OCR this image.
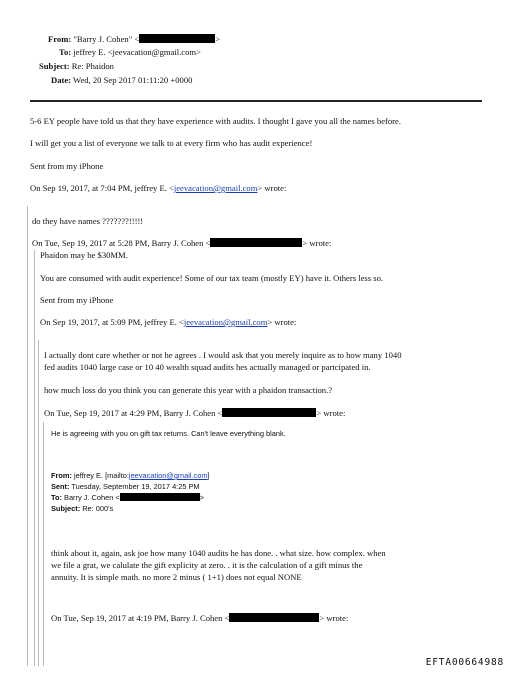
From: "Barry J. Cohen" <	>
To: jeffrey E. <jeevacation@gmail.com>
Subject: Re: Phaidon
Date: Wed, 20 Sep 2017 01:11:20 +0000
5-6 EY people have told us that they have experience with audits. I thought I gave you all the names before.
I will get you a list of everyone we talk to at every firm who has audit experience!
Sent from my iPhone
On Sep 19, 2017, at 7:04 PM, jeffrey E. <jeevacation@gmail.com> wrote:
do they have names ???????!!!!!
On Tue, Sep 19, 2017 at 5:28 PM, Barry J. Cohen <	> wrote:
Phaidon may be $30MM.
You are consumed with audit experience! Some of our tax team (mostly EY) have it. Others less so.
Sent from my iPhone
On Sep 19, 2017, at 5:09 PM, jeffrey E. <jeevacation@gmail.com> wrote:
I actually dont care whether or not he agrees . I would ask that you merely inquire as to how many 1040
fed audits 1040 large case or 10 40 wealth squad audits hes actually managed or partcipated in.
how much loss do you think you can generate this year with a phaidon transaction.?
On Tue, Sep 19, 2017 at 4:29 PM, Barry J. Cohen <	> wrote:
He is agreeing with you on gift tax returns. Can't leave everything blank.
From: jeffrey E. [mailto:jeevacation@gmail.com]
Sent: Tuesday, September 19, 2017 4:25 PM
To: Barry J. Cohen <	>
Subject: Re: 000's
think about it, again, ask joe how many 1040 audits he has done. . what size. how complex. when
we file a grat, we calulate the gift explicity at zero. . it is the calculation of a gift minus the
annuity. It is simple math. no more 2 minus ( 1+1) does not equal NONE
On Tue, Sep 19, 2017 at 4:19 PM, Barry J. Cohen <	> wrote:
EFTA00664988
